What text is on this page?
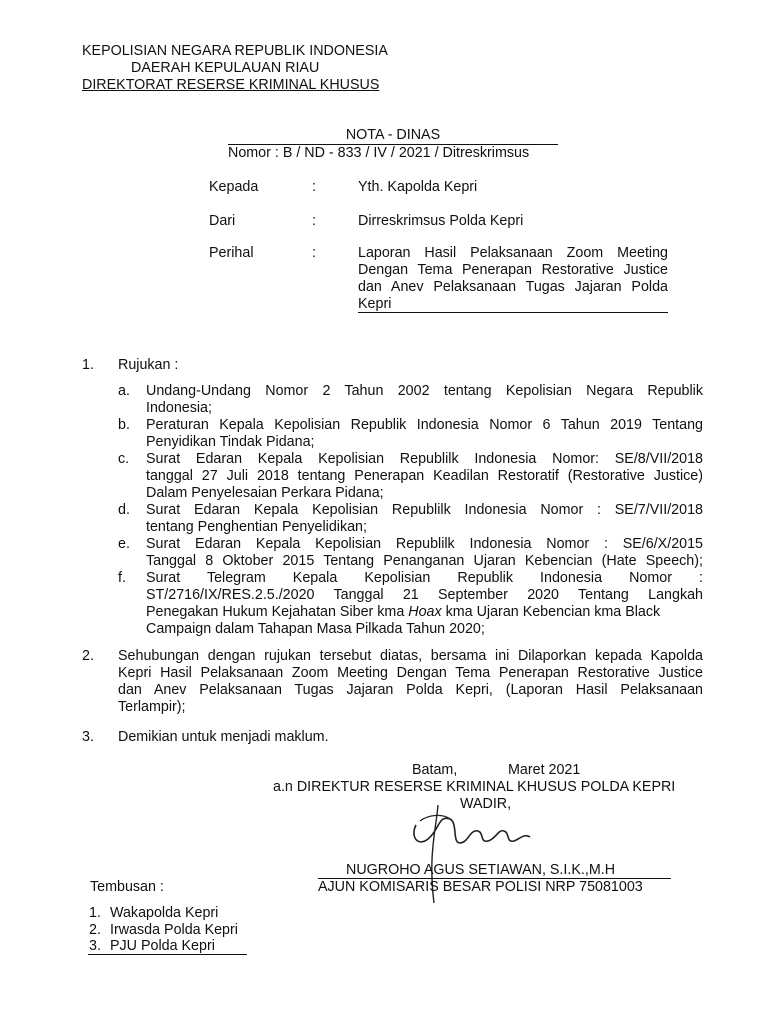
KEPOLISIAN NEGARA REPUBLIK INDONESIA
DAERAH KEPULAUAN RIAU
DIREKTORAT RESERSE KRIMINAL KHUSUS
NOTA - DINAS
Nomor : B / ND - 833 / IV / 2021 / Ditreskrimsus
Kepada	:	Yth. Kapolda Kepri
Dari	:	Dirreskrimsus Polda Kepri
Perihal	:	Laporan Hasil Pelaksanaan Zoom Meeting
Dengan Tema Penerapan Restorative Justice
dan Anev Pelaksanaan Tugas Jajaran Polda
Kepri
1. Rujukan :
a. Undang-Undang Nomor 2 Tahun 2002 tentang Kepolisian Negara Republik
Indonesia;
b. Peraturan Kepala Kepolisian Republik Indonesia Nomor 6 Tahun 2019 Tentang
Penyidikan Tindak Pidana;
c. Surat Edaran Kepala Kepolisian Republilk Indonesia Nomor: SE/8/VII/2018
tanggal 27 Juli 2018 tentang Penerapan Keadilan Restoratif (Restorative Justice)
Dalam Penyelesaian Perkara Pidana;
d. Surat Edaran Kepala Kepolisian Republilk Indonesia Nomor : SE/7/VII/2018
tentang Penghentian Penyelidikan;
e. Surat Edaran Kepala Kepolisian Republilk Indonesia Nomor : SE/6/X/2015
Tanggal 8 Oktober 2015 Tentang Penanganan Ujaran Kebencian (Hate Speech);
f. Surat Telegram Kepala Kepolisian Republik Indonesia Nomor :
ST/2716/IX/RES.2.5./2020 Tanggal 21 September 2020 Tentang Langkah
Penegakan Hukum Kejahatan Siber kma Hoax kma Ujaran Kebencian kma Black
Campaign dalam Tahapan Masa Pilkada Tahun 2020;
2. Sehubungan dengan rujukan tersebut diatas, bersama ini Dilaporkan kepada Kapolda
Kepri Hasil Pelaksanaan Zoom Meeting Dengan Tema Penerapan Restorative Justice
dan Anev Pelaksanaan Tugas Jajaran Polda Kepri, (Laporan Hasil Pelaksanaan
Terlampir);
3. Demikian untuk menjadi maklum.
Batam,	Maret 2021
a.n DIREKTUR RESERSE KRIMINAL KHUSUS POLDA KEPRI
WADIR,
NUGROHO AGUS SETIAWAN, S.I.K.,M.H
AJUN KOMISARIS BESAR POLISI NRP 75081003
Tembusan :
1. Wakapolda Kepri
2. Irwasda Polda Kepri
3. PJU Polda Kepri
